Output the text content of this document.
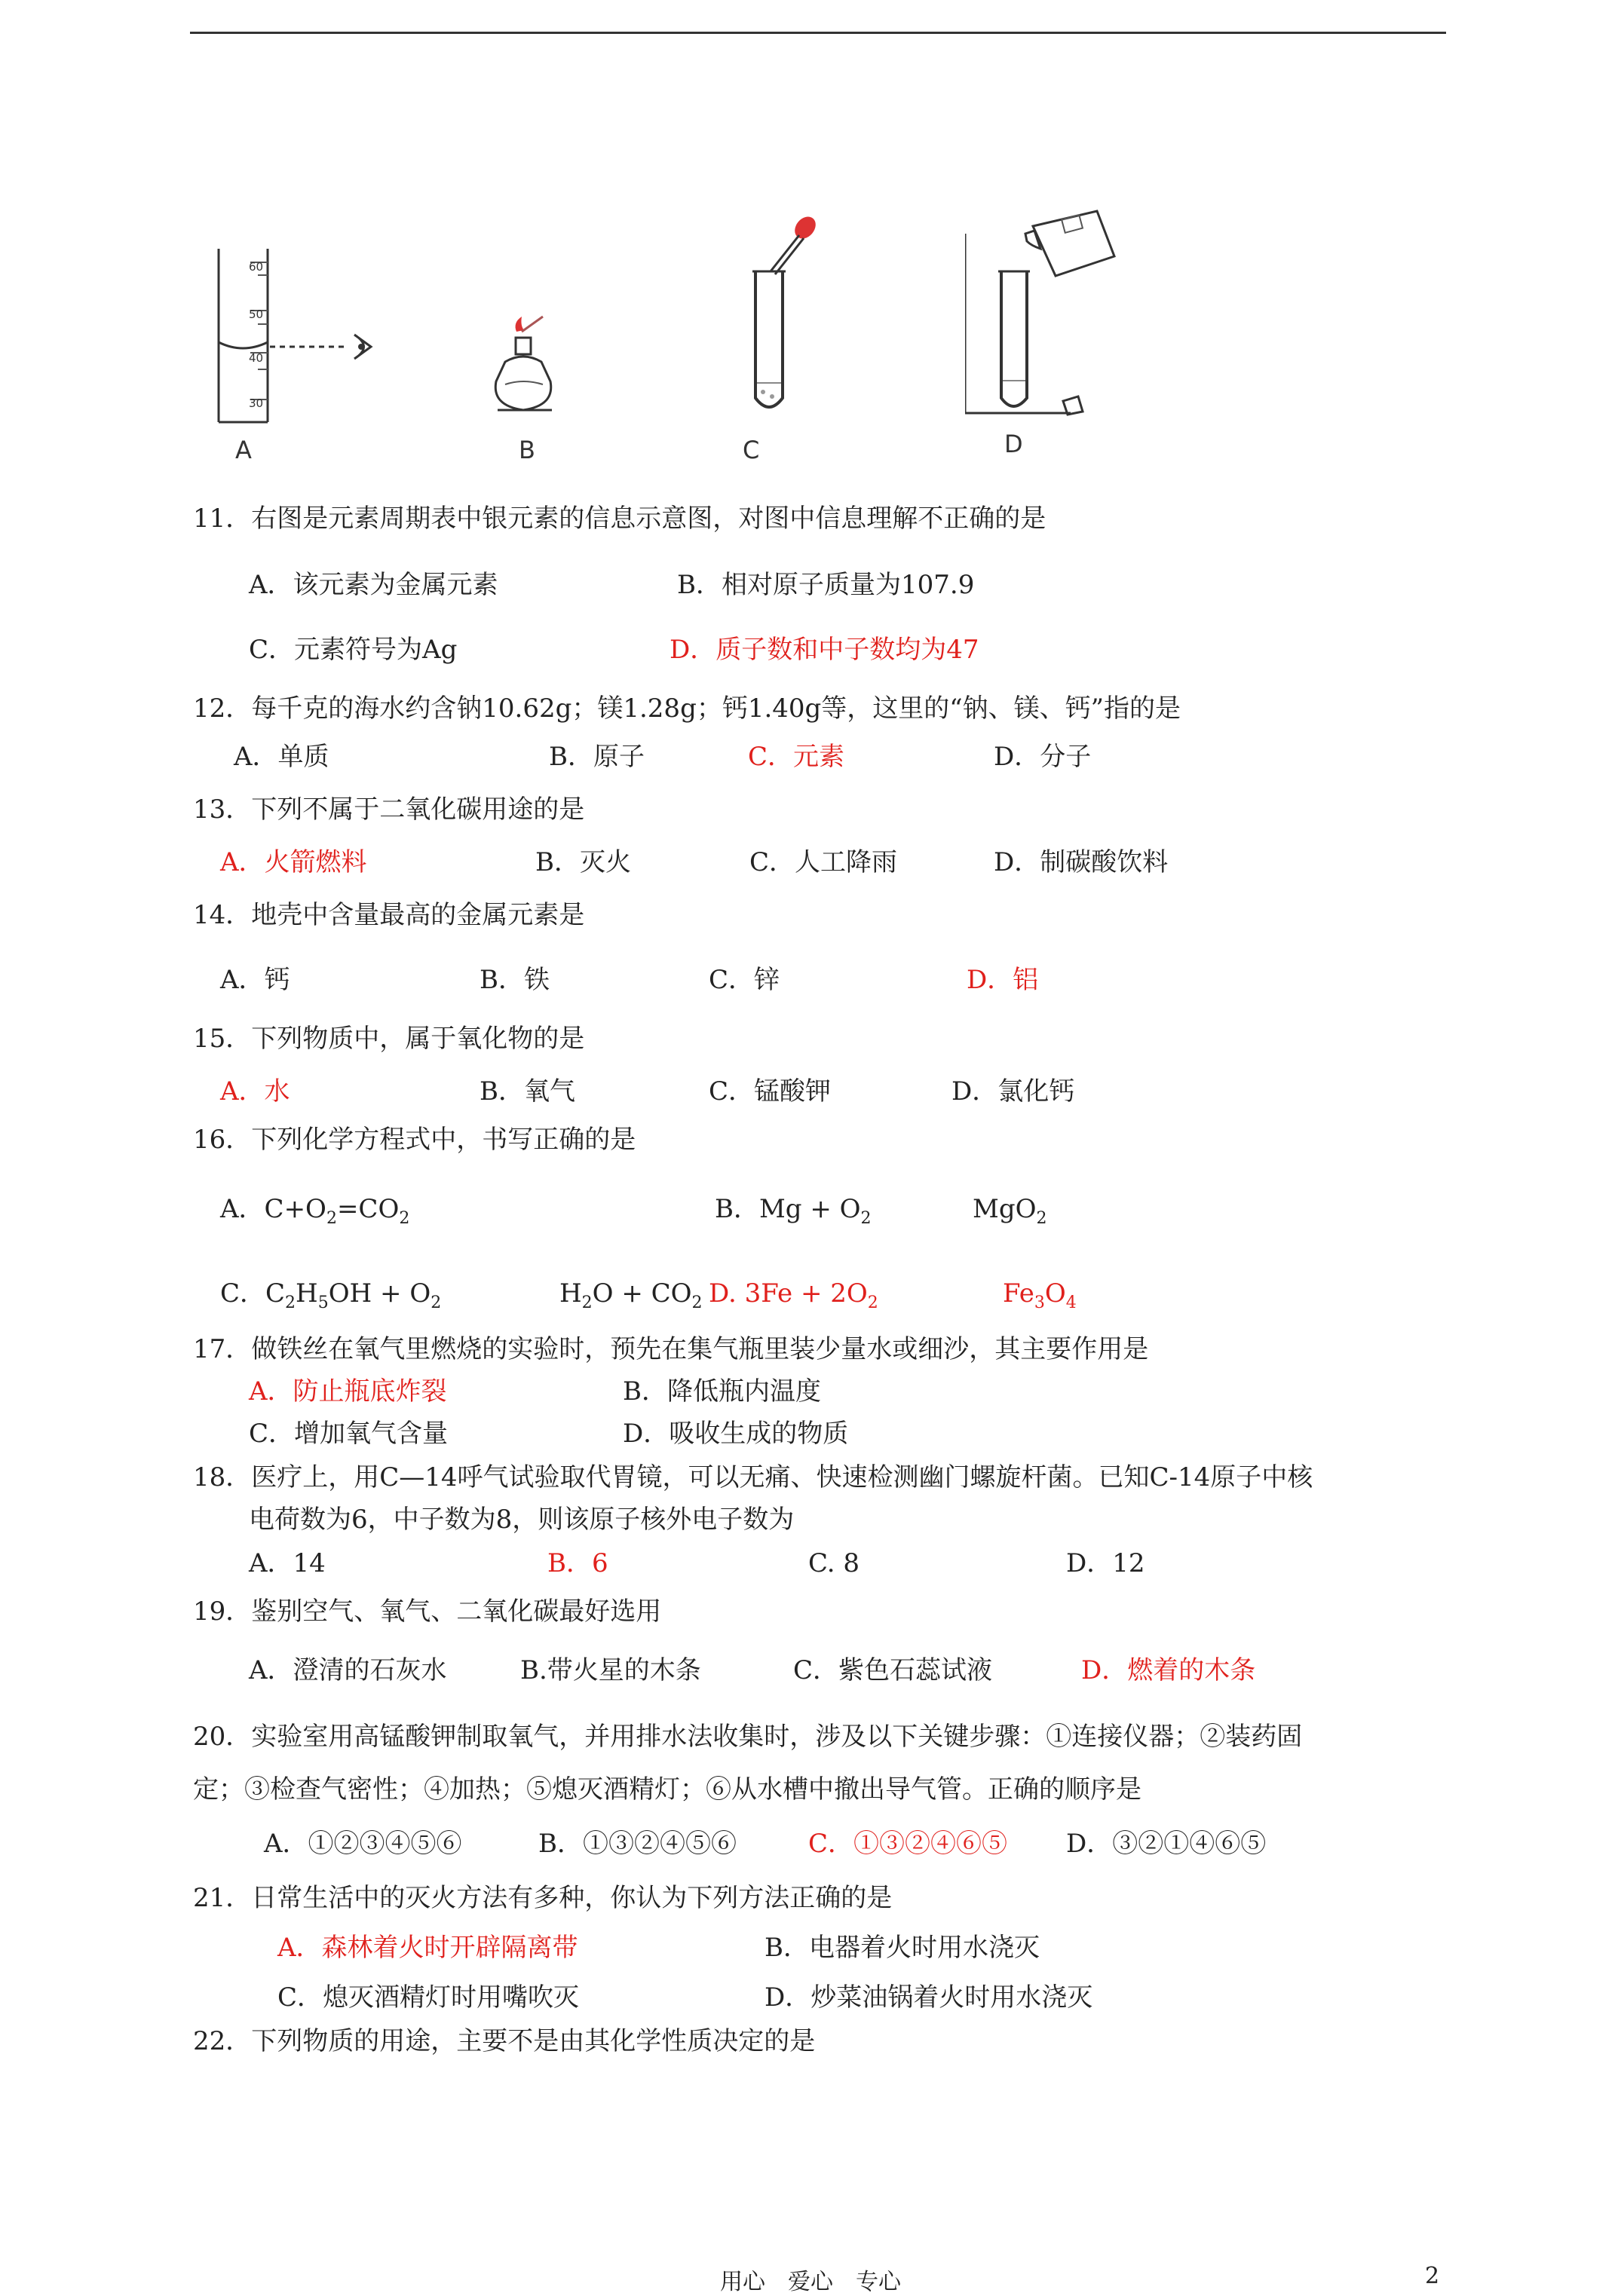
60
50
40
30
A	B	C	D
11．右图是元素周期表中银元素的信息示意图，对图中信息理解不正确的是
A．该元素为金属元素	B．相对原子质量为107.9
C．元素符号为Ag	D．质子数和中子数均为47
12．每千克的海水约含钠10.62g；镁1.28g；钙1.40g等，这里的“钠、镁、钙”指的是
A．单质	B．原子	C．元素	D．分子
13．下列不属于二氧化碳用途的是
A．火箭燃料	B．灭火	C．人工降雨	D．制碳酸饮料
14．地壳中含量最高的金属元素是
A．钙	B．铁	C．锌	D．铝
15．下列物质中，属于氧化物的是
A．水	B．氧气	C．锰酸钾	D．氯化钙
16．下列化学方程式中，书写正确的是
A．$C+O_2=CO_2$	B．$Mg + O_2$	MgO$_2$
C．$C_2H_5OH + O_2$	$H_2O + CO_2$ D. $3Fe + 2O_2$	$Fe_3O_4$
17．做铁丝在氧气里燃烧的实验时，预先在集气瓶里装少量水或细沙，其主要作用是
A．防止瓶底炸裂	B．降低瓶内温度
C．增加氧气含量	D．吸收生成的物质
18．医疗上，用C—14呼气试验取代胃镜，可以无痛、快速检测幽门螺旋杆菌。已知C-14原子中核
电荷数为6，中子数为8，则该原子核外电子数为
A．14	B．6	C. 8	D．12
19．鉴别空气、氧气、二氧化碳最好选用
A．澄清的石灰水	B.带火星的木条	C．紫色石蕊试液	D．燃着的木条
20．实验室用高锰酸钾制取氧气，并用排水法收集时，涉及以下关键步骤：①连接仪器；②装药固
定；③检查气密性；④加热；⑤熄灭酒精灯；⑥从水槽中撤出导气管。正确的顺序是
A．①②③④⑤⑥	B．①③②④⑤⑥	C．①③②④⑥⑤ D．③②①④⑥⑤
21．日常生活中的灭火方法有多种，你认为下列方法正确的是
A．森林着火时开辟隔离带	B．电器着火时用水浇灭
C．熄灭酒精灯时用嘴吹灭	D．炒菜油锅着火时用水浇灭
22．下列物质的用途，主要不是由其化学性质决定的是
用心　爱心　专心	2
